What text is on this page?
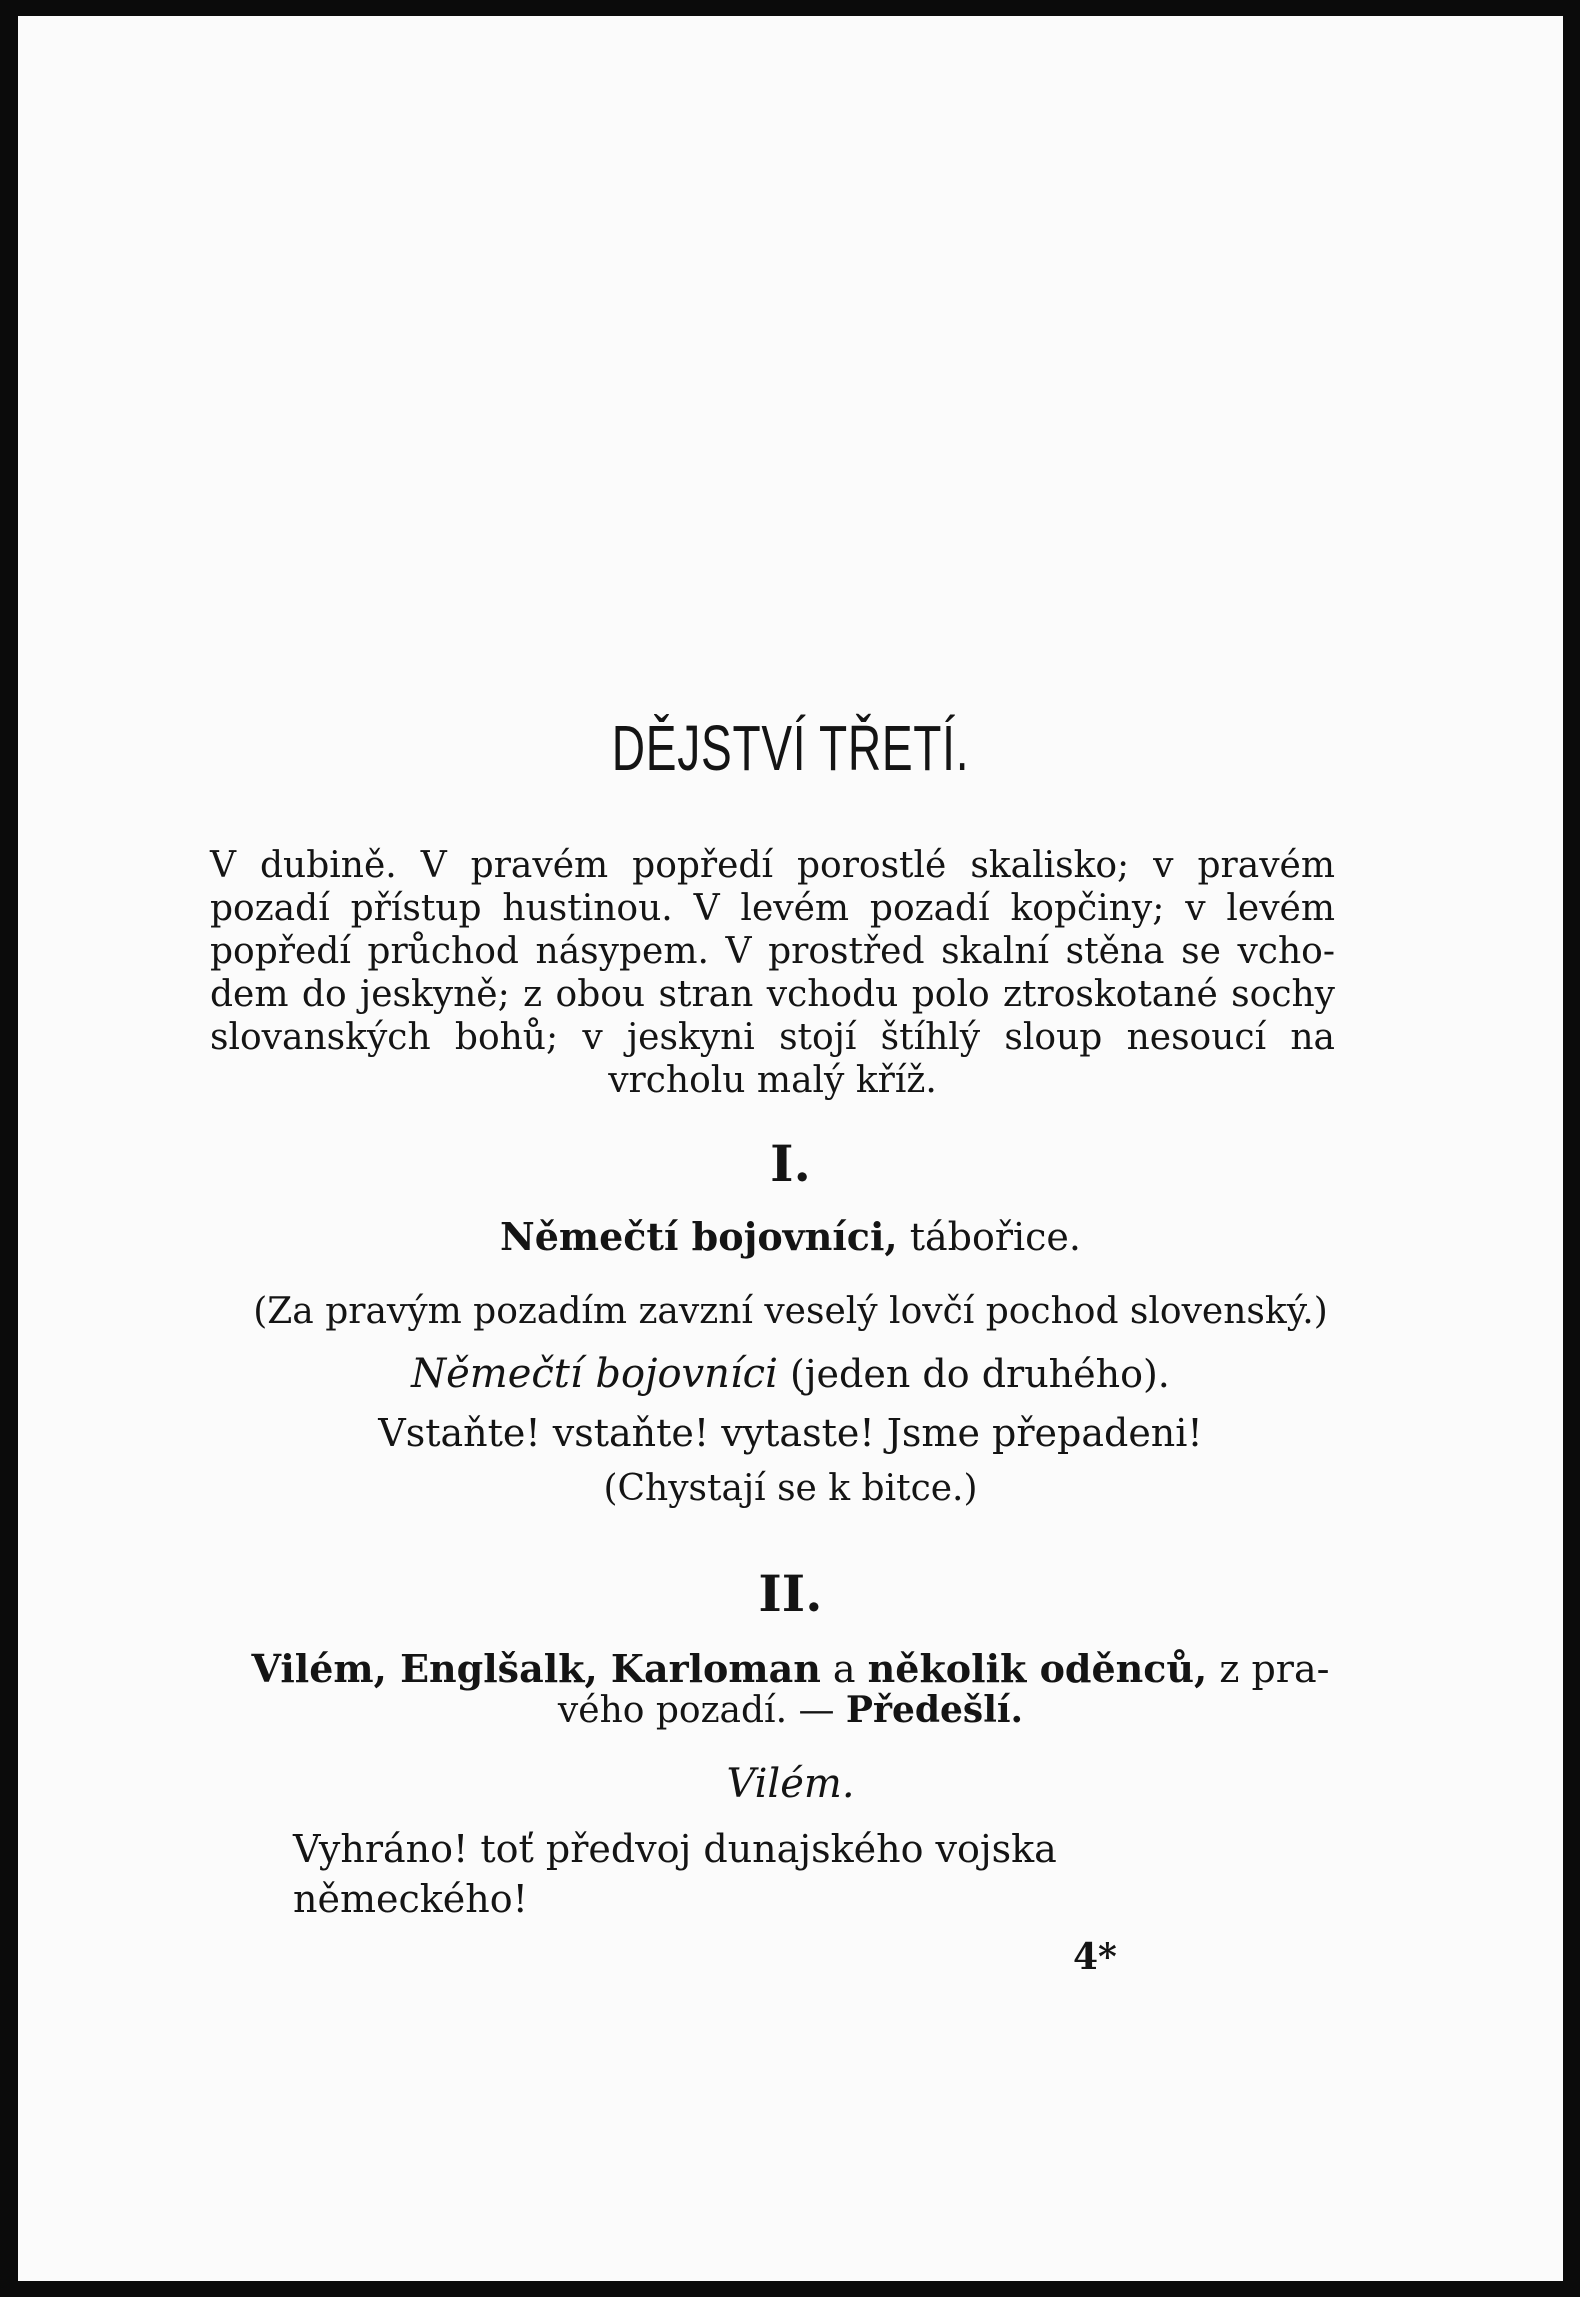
DĚJSTVÍ TŘETÍ.
V dubině. V pravém popředí porostlé skalisko; v pravém
pozadí přístup hustinou. V levém pozadí kopčiny; v levém
popředí průchod násypem. V prostřed skalní stěna se vcho-
dem do jeskyně; z obou stran vchodu polo ztroskotané sochy
slovanských bohů; v jeskyni stojí štíhlý sloup nesoucí na
vrcholu malý kříž.
I.
Němečtí bojovníci, tábořice.
(Za pravým pozadím zavzní veselý lovčí pochod slovenský.)
Němečtí bojovníci (jeden do druhého).
Vstaňte! vstaňte! vytaste! Jsme přepadeni!
(Chystají se k bitce.)
II.
Vilém, Englšalk, Karloman a několik oděnců, z pra-
vého pozadí. — Předešlí.
Vilém.
Vyhráno! toť předvoj dunajského vojska
německého!
4*
